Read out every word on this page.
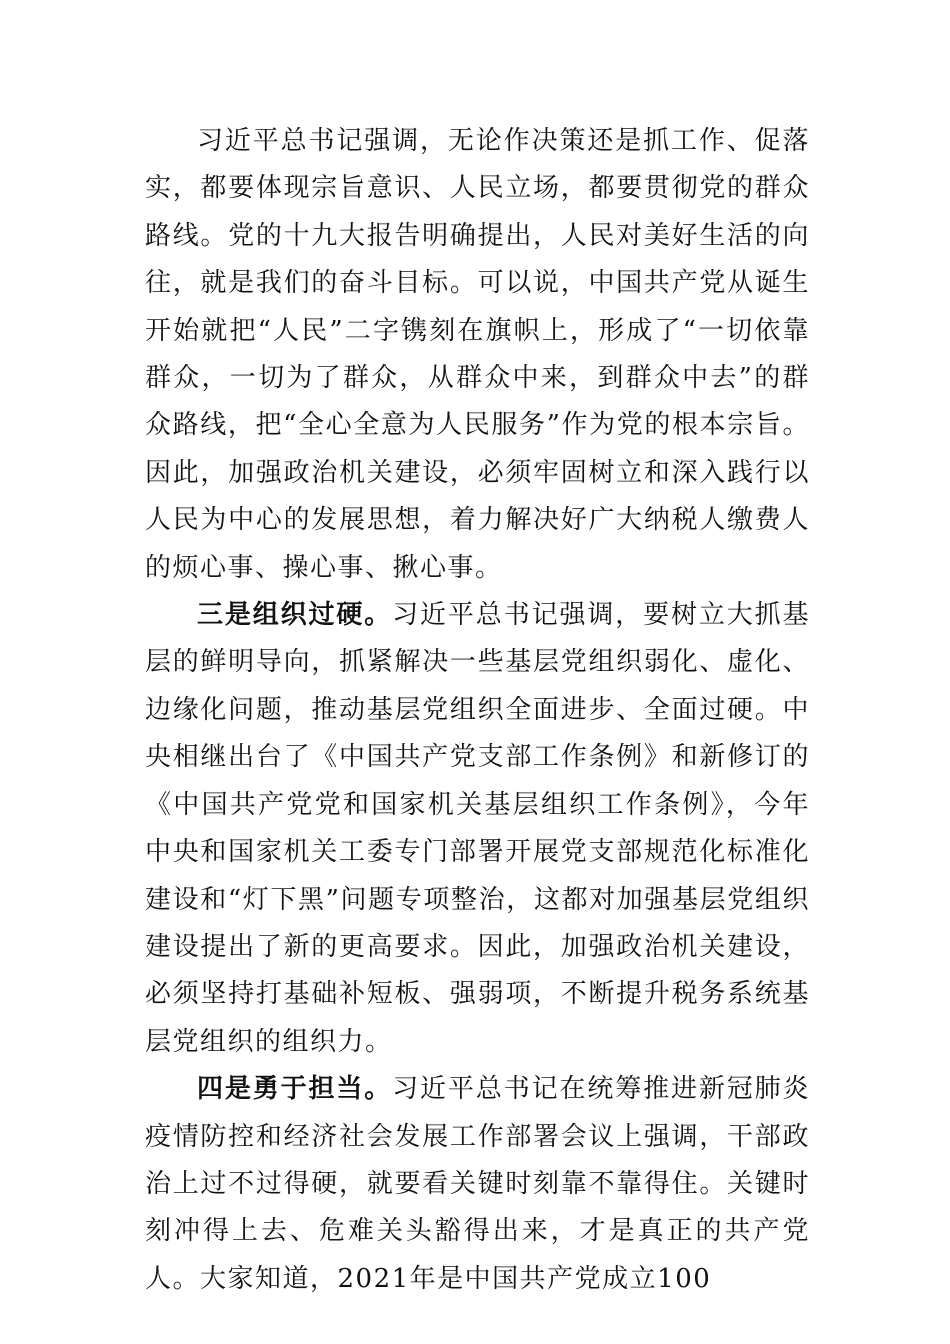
习近平总书记强调，无论作决策还是抓工作、促落实，都要体现宗旨意识、人民立场，都要贯彻党的群众路线。党的十九大报告明确提出，人民对美好生活的向往，就是我们的奋斗目标。可以说，中国共产党从诞生开始就把“人民”二字镌刻在旗帜上，形成了“一切依靠群众，一切为了群众，从群众中来，到群众中去”的群众路线，把“全心全意为人民服务”作为党的根本宗旨。因此，加强政治机关建设，必须牢固树立和深入践行以人民为中心的发展思想，着力解决好广大纳税人缴费人的烦心事、操心事、揪心事。

三是组织过硬。习近平总书记强调，要树立大抓基层的鲜明导向，抓紧解决一些基层党组织弱化、虚化、边缘化问题，推动基层党组织全面进步、全面过硬。中央相继出台了《中国共产党支部工作条例》和新修订的《中国共产党党和国家机关基层组织工作条例》，今年中央和国家机关工委专门部署开展党支部规范化标准化建设和“灯下黑”问题专项整治，这都对加强基层党组织建设提出了新的更高要求。因此，加强政治机关建设，必须坚持打基础补短板、强弱项，不断提升税务系统基层党组织的组织力。

四是勇于担当。习近平总书记在统筹推进新冠肺炎疫情防控和经济社会发展工作部署会议上强调，干部政治上过不过得硬，就要看关键时刻靠不靠得住。关键时刻冲得上去、危难关头豁得出来，才是真正的共产党人。大家知道，2021年是中国共产党成立100
